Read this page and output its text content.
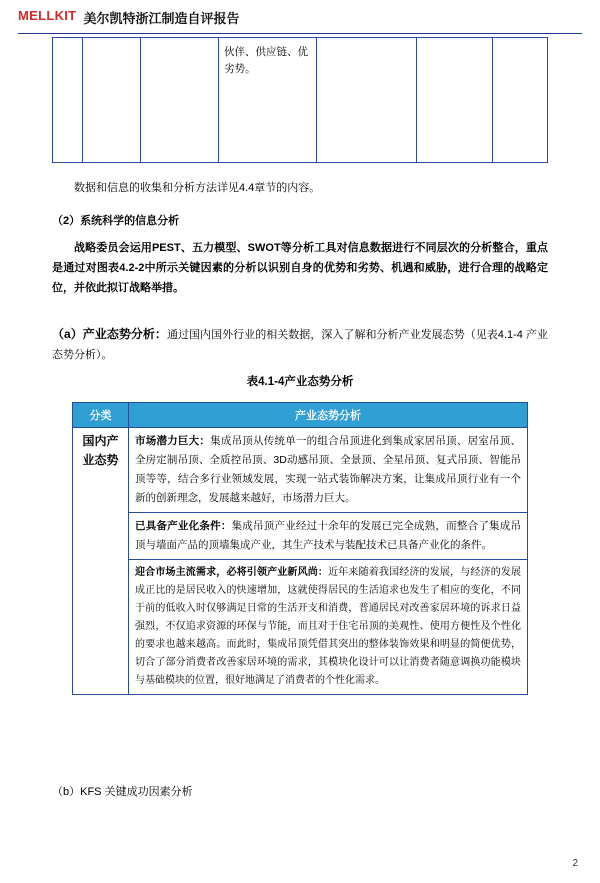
MELLKIT 美尔凯特浙江制造自评报告
伙伴、供应链、优劣势。
数据和信息的收集和分析方法详见4.4章节的内容。
（2）系统科学的信息分析
战略委员会运用PEST、五力模型、SWOT等分析工具对信息数据进行不同层次的分析整合，重点是通过对图表4.2-2中所示关键因素的分析以识别自身的优势和劣势、机遇和威胁，进行合理的战略定位，并依此拟订战略举措。
（a）产业态势分析：通过国内国外行业的相关数据，深入了解和分析产业发展态势（见表4.1-4 产业态势分析）。
表4.1-4产业态势分析
分类	产业态势分析
国内产业态势	市场潜力巨大：集成吊顶从传统单一的组合吊顶进化到集成家居吊顶、居室吊顶、全房定制吊顶、全质控吊顶、3D动感吊顶、全景顶、全星吊顶、复式吊顶、智能吊顶等等，结合多行业领域发展，实现一站式装饰解决方案，让集成吊顶行业有一个新的创新理念，发展越来越好，市场潜力巨大。
	已具备产业化条件：集成吊顶产业经过十余年的发展已完全成熟，而整合了集成吊顶与墙面产品的顶墙集成产业，其生产技术与装配技术已具备产业化的条件。
	迎合市场主流需求，必将引领产业新风尚：近年来随着我国经济的发展，与经济的发展成正比的是居民收入的快速增加，这就使得居民的生活追求也发生了相应的变化，不同于前的低收入时仅够满足日常的生活开支和消费，普通居民对改善家居环境的诉求日益强烈，不仅追求资源的环保与节能，而且对于住宅吊顶的美观性、使用方便性及个性化的要求也越来越高。而此时，集成吊顶凭借其突出的整体装饰效果和明显的简便优势，切合了部分消费者改善家居环境的需求，其模块化设计可以让消费者随意调换功能模块与基础模块的位置，很好地满足了消费者的个性化需求。
（b）KFS 关键成功因素分析
2
